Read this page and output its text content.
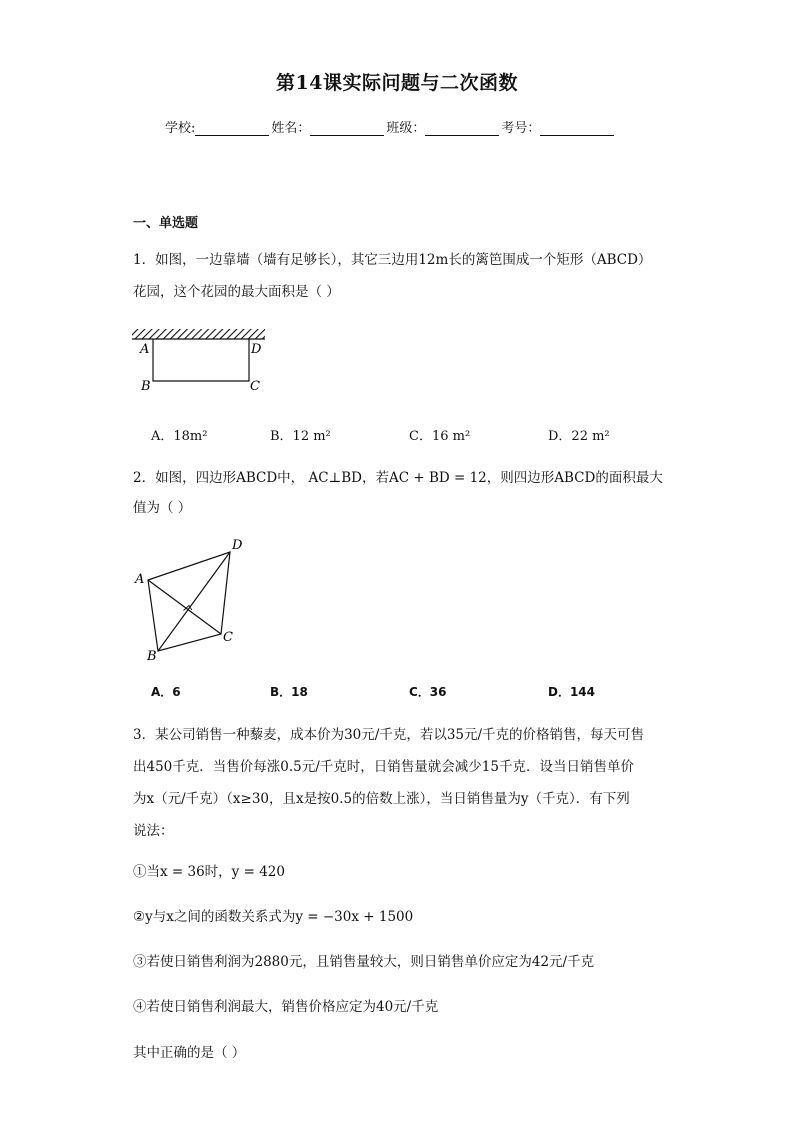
第14课实际问题与二次函数
学校:	姓名：	班级：	考号：
一、单选题
1．如图，一边靠墙（墙有足够长），其它三边用12m长的篱笆围成一个矩形（ABCD）
花园，这个花园的最大面积是（ ）
A	D
B	C
A．18m²	B．12 m²	C．16 m²	D．22 m²
2．如图，四边形ABCD中， AC⊥BD，若AC + BD = 12，则四边形ABCD的面积最大
值为（ ）
A
D
B
C
A．6	B．18	C．36	D．144
3．某公司销售一种藜麦，成本价为30元/千克，若以35元/千克的价格销售，每天可售
出450千克．当售价每涨0.5元/千克时，日销售量就会减少15千克．设当日销售单价
为x（元/千克）（x≥30，且x是按0.5的倍数上涨），当日销售量为y（千克）．有下列
说法：
①当x = 36时，y = 420
②y与x之间的函数关系式为y = −30x + 1500
③若使日销售利润为2880元，且销售量较大，则日销售单价应定为42元/千克
④若使日销售利润最大，销售价格应定为40元/千克
其中正确的是（ ）
